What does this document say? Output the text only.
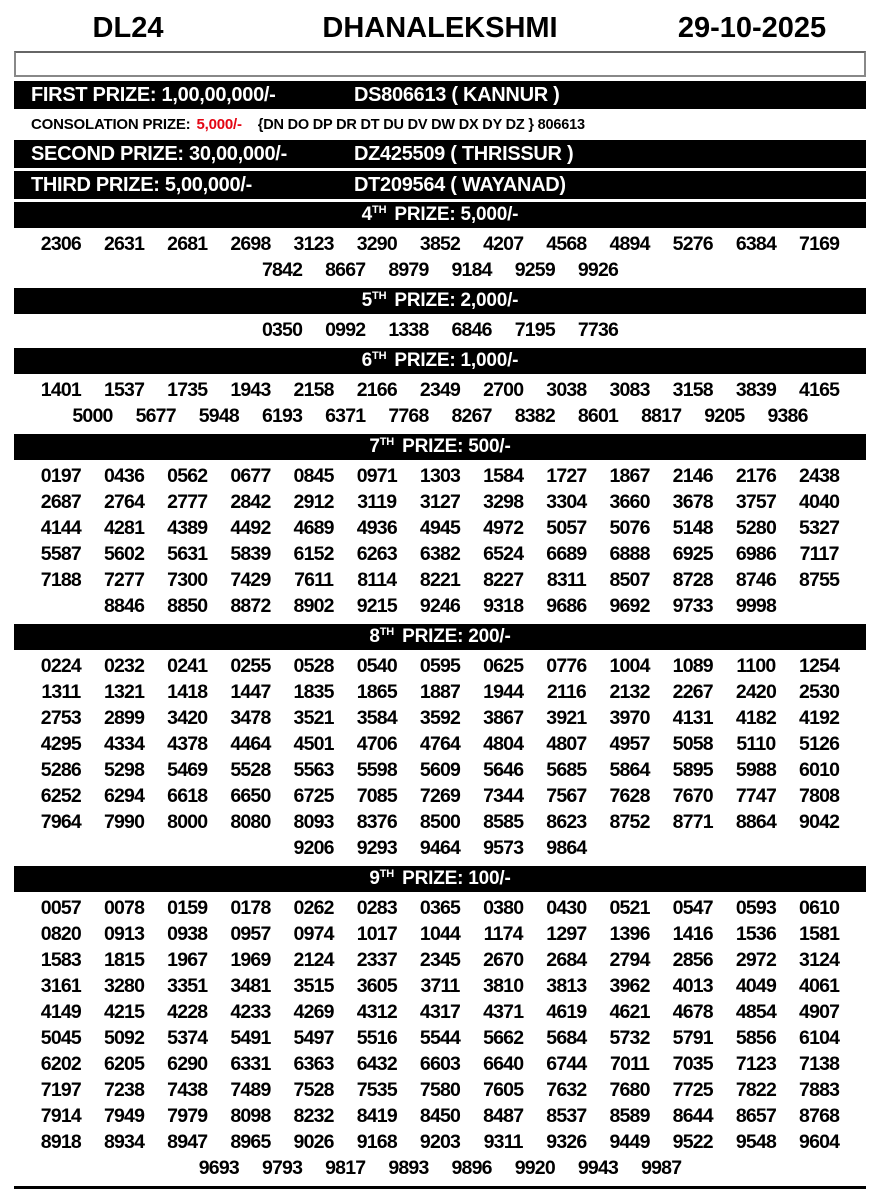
DL24	DHANALEKSHMI	29-10-2025
FIRST PRIZE: 1,00,00,000/-	DS806613 ( KANNUR )
CONSOLATION PRIZE: 5,000/- {DN DO DP DR DT DU DV DW DX DY DZ } 806613
SECOND PRIZE: 30,00,000/-	DZ425509 ( THRISSUR )
THIRD PRIZE: 5,00,000/-	DT209564 ( WAYANAD)
4 TH PRIZE: 5,000/-
2306	2631	2681	2698	3123	3290	3852	4207	4568	4894	5276	6384	7169
7842	8667	8979	9184	9259	9926
5 TH PRIZE: 2,000/-
0350	0992	1338	6846	7195	7736
6 TH PRIZE: 1,000/-
1401	1537	1735	1943	2158	2166	2349	2700	3038	3083	3158	3839	4165
5000	5677	5948	6193	6371	7768	8267	8382	8601	8817	9205	9386
7 TH PRIZE: 500/-
0197	0436	0562	0677	0845	0971	1303	1584	1727	1867	2146	2176	2438
2687	2764	2777	2842	2912	3119	3127	3298	3304	3660	3678	3757	4040
4144	4281	4389	4492	4689	4936	4945	4972	5057	5076	5148	5280	5327
5587	5602	5631	5839	6152	6263	6382	6524	6689	6888	6925	6986	7117
7188	7277	7300	7429	7611	8114	8221	8227	8311	8507	8728	8746	8755
8846	8850	8872	8902	9215	9246	9318	9686	9692	9733	9998
8 TH PRIZE: 200/-
0224	0232	0241	0255	0528	0540	0595	0625	0776	1004	1089	1100	1254
1311	1321	1418	1447	1835	1865	1887	1944	2116	2132	2267	2420	2530
2753	2899	3420	3478	3521	3584	3592	3867	3921	3970	4131	4182	4192
4295	4334	4378	4464	4501	4706	4764	4804	4807	4957	5058	5110	5126
5286	5298	5469	5528	5563	5598	5609	5646	5685	5864	5895	5988	6010
6252	6294	6618	6650	6725	7085	7269	7344	7567	7628	7670	7747	7808
7964	7990	8000	8080	8093	8376	8500	8585	8623	8752	8771	8864	9042
9206	9293	9464	9573	9864
9 TH PRIZE: 100/-
0057	0078	0159	0178	0262	0283	0365	0380	0430	0521	0547	0593	0610
0820	0913	0938	0957	0974	1017	1044	1174	1297	1396	1416	1536	1581
1583	1815	1967	1969	2124	2337	2345	2670	2684	2794	2856	2972	3124
3161	3280	3351	3481	3515	3605	3711	3810	3813	3962	4013	4049	4061
4149	4215	4228	4233	4269	4312	4317	4371	4619	4621	4678	4854	4907
5045	5092	5374	5491	5497	5516	5544	5662	5684	5732	5791	5856	6104
6202	6205	6290	6331	6363	6432	6603	6640	6744	7011	7035	7123	7138
7197	7238	7438	7489	7528	7535	7580	7605	7632	7680	7725	7822	7883
7914	7949	7979	8098	8232	8419	8450	8487	8537	8589	8644	8657	8768
8918	8934	8947	8965	9026	9168	9203	9311	9326	9449	9522	9548	9604
9693	9793	9817	9893	9896	9920	9943	9987
